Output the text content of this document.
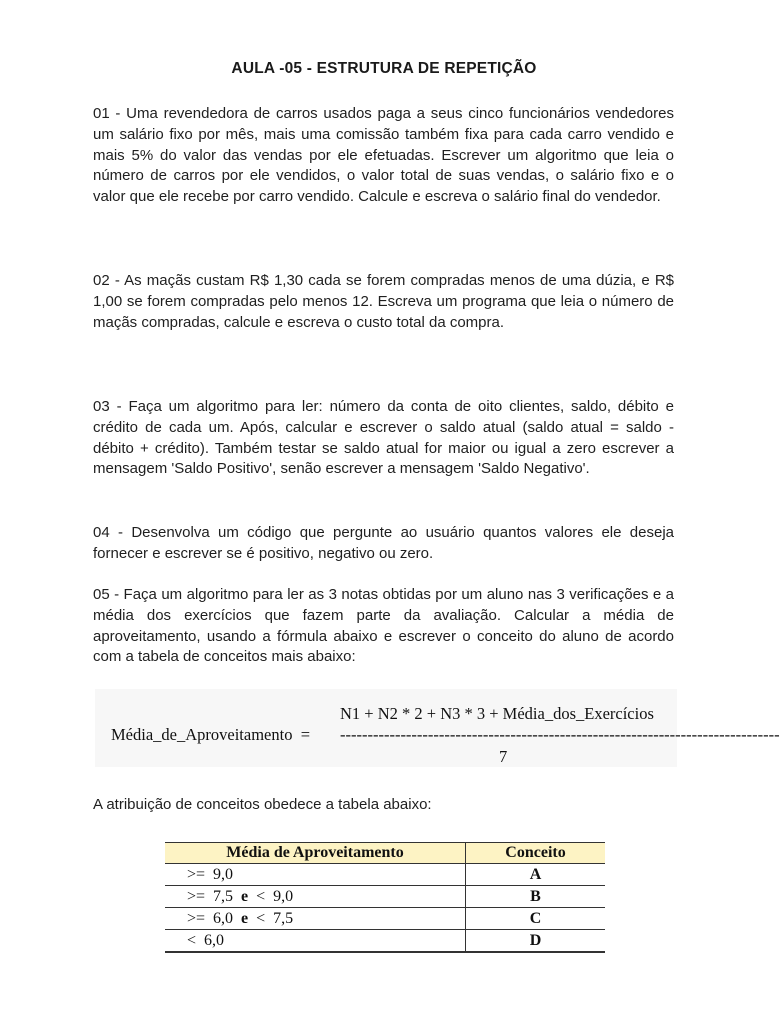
AULA -05 - ESTRUTURA DE REPETIÇÃO

01 - Uma revendedora de carros usados paga a seus cinco funcionários vendedores um salário fixo por mês, mais uma comissão também fixa para cada carro vendido e mais 5% do valor das vendas por ele efetuadas. Escrever um algoritmo que leia o número de carros por ele vendidos, o valor total de suas vendas, o salário fixo e o valor que ele recebe por carro vendido. Calcule e escreva o salário final do vendedor.

02 - As maçãs custam R$ 1,30 cada se forem compradas menos de uma dúzia, e R$ 1,00 se forem compradas pelo menos 12. Escreva um programa que leia o número de maçãs compradas, calcule e escreva o custo total da compra.

03 - Faça um algoritmo para ler: número da conta de oito clientes, saldo, débito e crédito de cada um. Após, calcular e escrever o saldo atual (saldo atual = saldo - débito + crédito). Também testar se saldo atual for maior ou igual a zero escrever a mensagem 'Saldo Positivo', senão escrever a mensagem 'Saldo Negativo'.

04 - Desenvolva um código que pergunte ao usuário quantos valores ele deseja fornecer e escrever se é positivo, negativo ou zero.

05 - Faça um algoritmo para ler as 3 notas obtidas por um aluno nas 3 verificações e a média dos exercícios que fazem parte da avaliação. Calcular a média de aproveitamento, usando a fórmula abaixo e escrever o conceito do aluno de acordo com a tabela de conceitos mais abaixo:

N1 + N2 * 2 + N3 * 3 + Média_dos_Exercícios
Média_de_Aproveitamento  = --------------------------------------------------------------------------------
7

A atribuição de conceitos obedece a tabela abaixo:

Média de Aproveitamento	Conceito
>=  9,0	A
>=  7,5  e  <  9,0	B
>=  6,0  e  <  7,5	C
<  6,0	D
